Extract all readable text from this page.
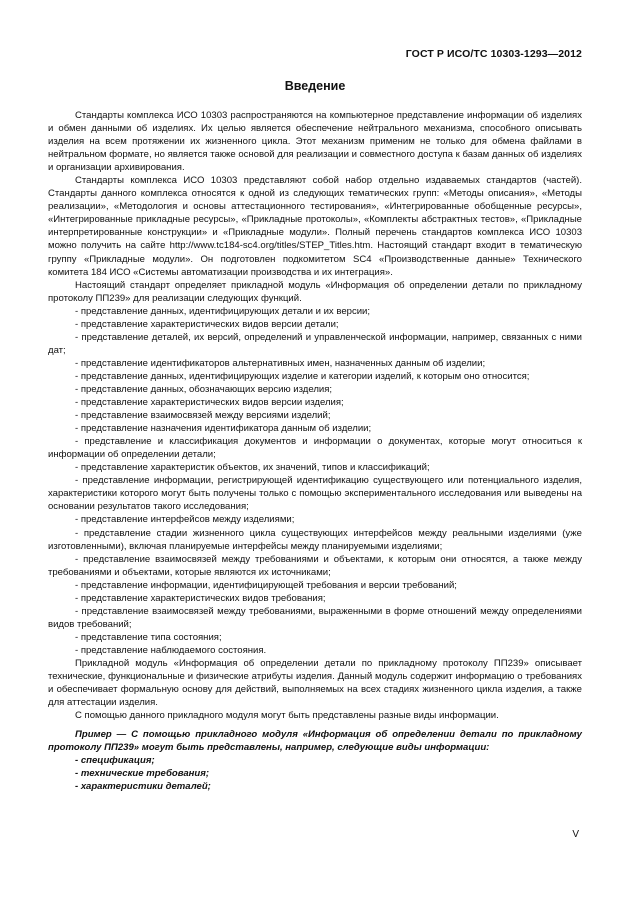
ГОСТ Р ИСО/ТС 10303-1293—2012
Введение

Стандарты комплекса ИСО 10303 распространяются на компьютерное представление информации об изделиях и обмен данными об изделиях. Их целью является обеспечение нейтрального механизма, способного описывать изделия на всем протяжении их жизненного цикла. Этот механизм применим не только для обмена файлами в нейтральном формате, но является также основой для реализации и совместного доступа к базам данных об изделиях и организации архивирования.

Стандарты комплекса ИСО 10303 представляют собой набор отдельно издаваемых стандартов (частей). Стандарты данного комплекса относятся к одной из следующих тематических групп: «Методы описания», «Методы реализации», «Методология и основы аттестационного тестирования», «Интегрированные обобщенные ресурсы», «Интегрированные прикладные ресурсы», «Прикладные протоколы», «Комплекты абстрактных тестов», «Прикладные интерпретированные конструкции» и «Прикладные модули». Полный перечень стандартов комплекса ИСО 10303 можно получить на сайте http://www.tc184-sc4.org/titles/STEP_Titles.htm. Настоящий стандарт входит в тематическую группу «Прикладные модули». Он подготовлен подкомитетом SC4 «Производственные данные» Технического комитета 184 ИСО «Системы автоматизации производства и их интеграция».

Настоящий стандарт определяет прикладной модуль «Информация об определении детали по прикладному протоколу ПП239» для реализации следующих функций.

- представление данных, идентифицирующих детали и их версии;

- представление характеристических видов версии детали;

- представление деталей, их версий, определений и управленческой информации, например, связанных с ними дат;

- представление идентификаторов альтернативных имен, назначенных данным об изделии;

- представление данных, идентифицирующих изделие и категории изделий, к которым оно относится;

- представление данных, обозначающих версию изделия;

- представление характеристических видов версии изделия;

- представление взаимосвязей между версиями изделий;

- представление назначения идентификатора данным об изделии;

- представление и классификация документов и информации о документах, которые могут относиться к информации об определении детали;

- представление характеристик объектов, их значений, типов и классификаций;

- представление информации, регистрирующей идентификацию существующего или потенциального изделия, характеристики которого могут быть получены только с помощью экспериментального исследования или выведены на основании результатов такого исследования;

- представление интерфейсов между изделиями;

- представление стадии жизненного цикла существующих интерфейсов между реальными изделиями (уже изготовленными), включая планируемые интерфейсы между планируемыми изделиями;

- представление взаимосвязей между требованиями и объектами, к которым они относятся, а также между требованиями и объектами, которые являются их источниками;

- представление информации, идентифицирующей требования и версии требований;

- представление характеристических видов требования;

- представление взаимосвязей между требованиями, выраженными в форме отношений между определениями видов требований;

- представление типа состояния;

- представление наблюдаемого состояния.

Прикладной модуль «Информация об определении детали по прикладному протоколу ПП239» описывает технические, функциональные и физические атрибуты изделия. Данный модуль содержит информацию о требованиях и обеспечивает формальную основу для действий, выполняемых на всех стадиях жизненного цикла изделия, а также для аттестации изделия.

С помощью данного прикладного модуля могут быть представлены разные виды информации.

Пример — С помощью прикладного модуля «Информация об определении детали по прикладному протоколу ПП239» могут быть представлены, например, следующие виды информации:

- спецификация;

- технические требования;

- характеристики деталей;

V
